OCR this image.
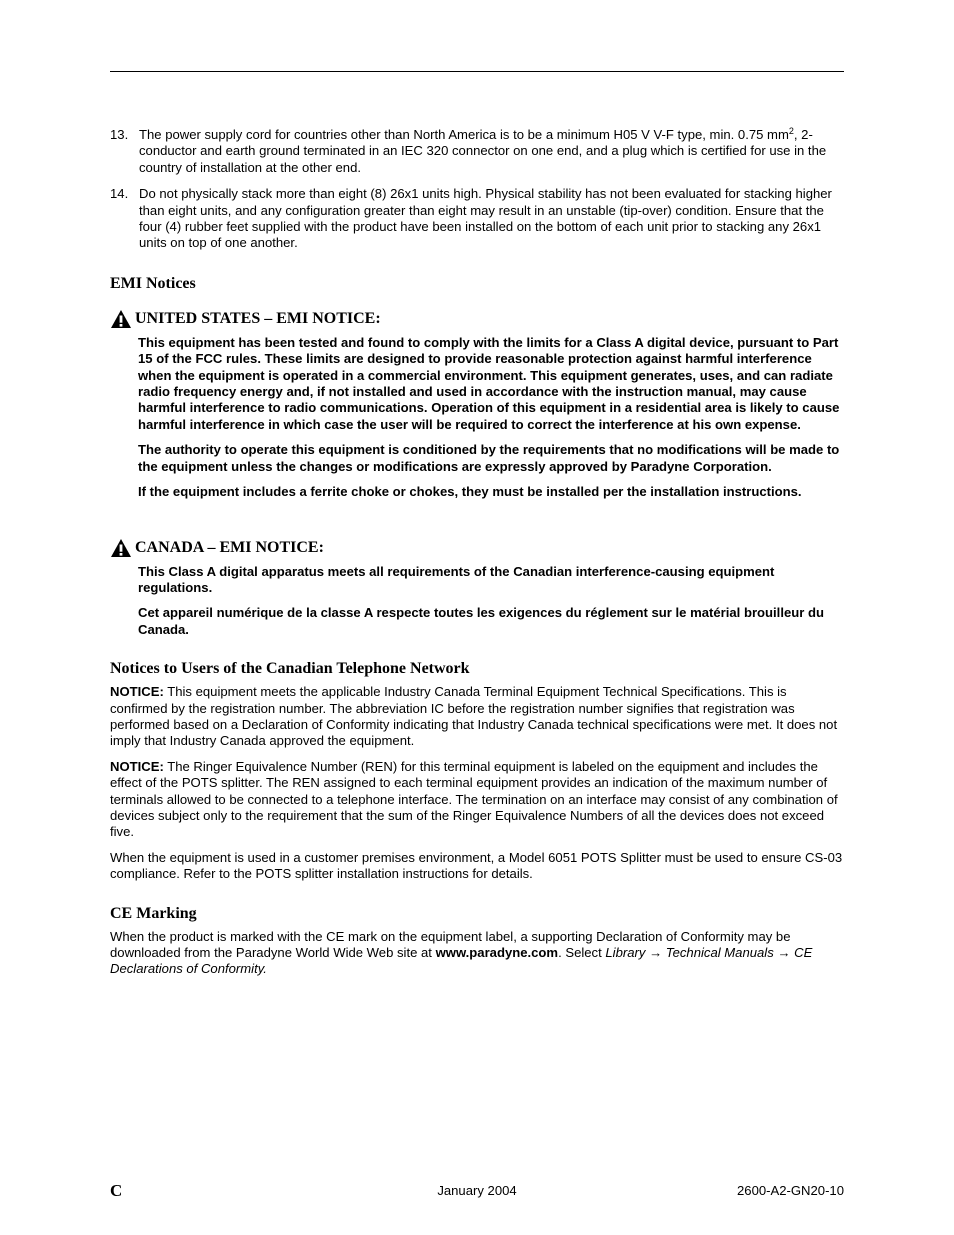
13. The power supply cord for countries other than North America is to be a minimum H05 V V-F type, min. 0.75 $mm^2$, 2-conductor and earth ground terminated in an IEC 320 connector on one end, and a plug which is certified for use in the country of installation at the other end.
14. Do not physically stack more than eight (8) 26x1 units high. Physical stability has not been evaluated for stacking higher than eight units, and any configuration greater than eight may result in an unstable (tip-over) condition. Ensure that the four (4) rubber feet supplied with the product have been installed on the bottom of each unit prior to stacking any 26x1 units on top of one another.
EMI Notices
UNITED STATES – EMI NOTICE:

This equipment has been tested and found to comply with the limits for a Class A digital device, pursuant to Part 15 of the FCC rules. These limits are designed to provide reasonable protection against harmful interference when the equipment is operated in a commercial environment. This equipment generates, uses, and can radiate radio frequency energy and, if not installed and used in accordance with the instruction manual, may cause harmful interference to radio communications. Operation of this equipment in a residential area is likely to cause harmful interference in which case the user will be required to correct the interference at his own expense.

The authority to operate this equipment is conditioned by the requirements that no modifications will be made to the equipment unless the changes or modifications are expressly approved by Paradyne Corporation.

If the equipment includes a ferrite choke or chokes, they must be installed per the installation instructions.

CANADA – EMI NOTICE:

This Class A digital apparatus meets all requirements of the Canadian interference-causing equipment regulations.

Cet appareil numérique de la classe A respecte toutes les exigences du réglement sur le matérial brouilleur du Canada.

Notices to Users of the Canadian Telephone Network

NOTICE: This equipment meets the applicable Industry Canada Terminal Equipment Technical Specifications. This is confirmed by the registration number. The abbreviation IC before the registration number signifies that registration was performed based on a Declaration of Conformity indicating that Industry Canada technical specifications were met. It does not imply that Industry Canada approved the equipment.

NOTICE: The Ringer Equivalence Number (REN) for this terminal equipment is labeled on the equipment and includes the effect of the POTS splitter. The REN assigned to each terminal equipment provides an indication of the maximum number of terminals allowed to be connected to a telephone interface. The termination on an interface may consist of any combination of devices subject only to the requirement that the sum of the Ringer Equivalence Numbers of all the devices does not exceed five.

When the equipment is used in a customer premises environment, a Model 6051 POTS Splitter must be used to ensure CS-03 compliance. Refer to the POTS splitter installation instructions for details.

CE Marking

When the product is marked with the CE mark on the equipment label, a supporting Declaration of Conformity may be downloaded from the Paradyne World Wide Web site at www.paradyne.com. Select Library → Technical Manuals → CE Declarations of Conformity.

C	January 2004	2600-A2-GN20-10
